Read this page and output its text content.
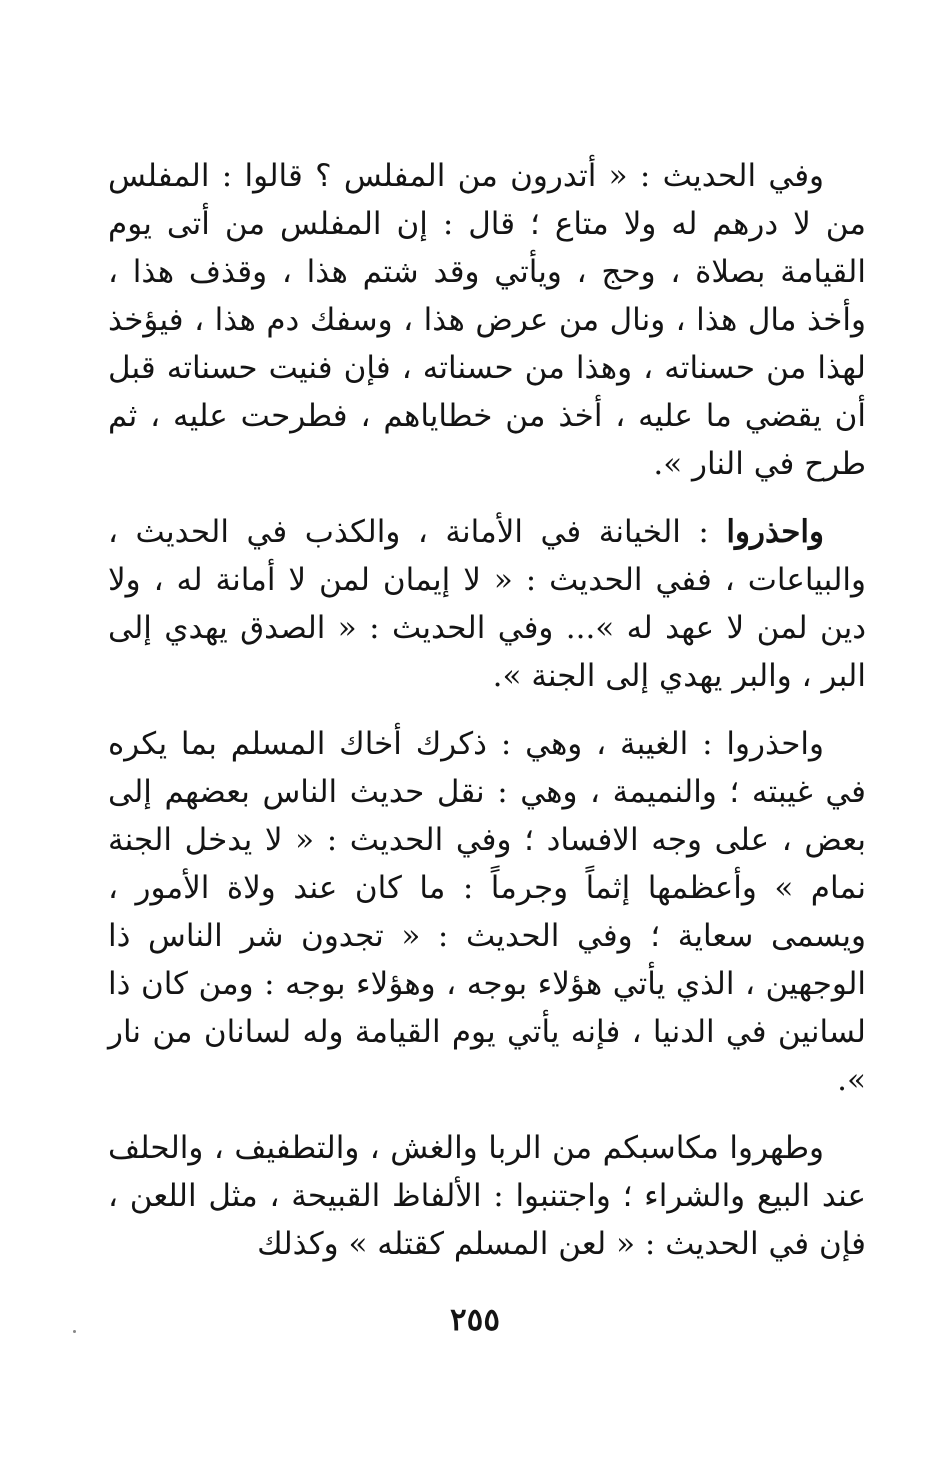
وفي الحديث : « أتدرون من المفلس ؟ قالوا : المفلس من لا درهم له ولا متاع ؛ قال : إن المفلس من أتى يوم القيامة بصلاة ، وحج ، ويأتي وقد شتم هذا ، وقذف هذا ، وأخذ مال هذا ، ونال من عرض هذا ، وسفك دم هذا ، فيؤخذ لهذا من حسناته ، وهذا من حسناته ، فإن فنيت حسناته قبل أن يقضي ما عليه ، أخذ من خطاياهم ، فطرحت عليه ، ثم طرح في النار ».

واحذروا : الخيانة في الأمانة ، والكذب في الحديث ، والبياعات ، ففي الحديث : « لا إيمان لمن لا أمانة له ، ولا دين لمن لا عهد له »... وفي الحديث : « الصدق يهدي إلى البر ، والبر يهدي إلى الجنة ».

واحذروا : الغيبة ، وهي : ذكرك أخاك المسلم بما يكره في غيبته ؛ والنميمة ، وهي : نقل حديث الناس بعضهم إلى بعض ، على وجه الافساد ؛ وفي الحديث : « لا يدخل الجنة نمام » وأعظمها إثماً وجرماً : ما كان عند ولاة الأمور ، ويسمى سعاية ؛ وفي الحديث : « تجدون شر الناس ذا الوجهين ، الذي يأتي هؤلاء بوجه ، وهؤلاء بوجه : ومن كان ذا لسانين في الدنيا ، فإنه يأتي يوم القيامة وله لسانان من نار ».

وطهروا مكاسبكم من الربا والغش ، والتطفيف ، والحلف عند البيع والشراء ؛ واجتنبوا : الألفاظ القبيحة ، مثل اللعن ، فإن في الحديث : « لعن المسلم كقتله » وكذلك

٢٥٥
